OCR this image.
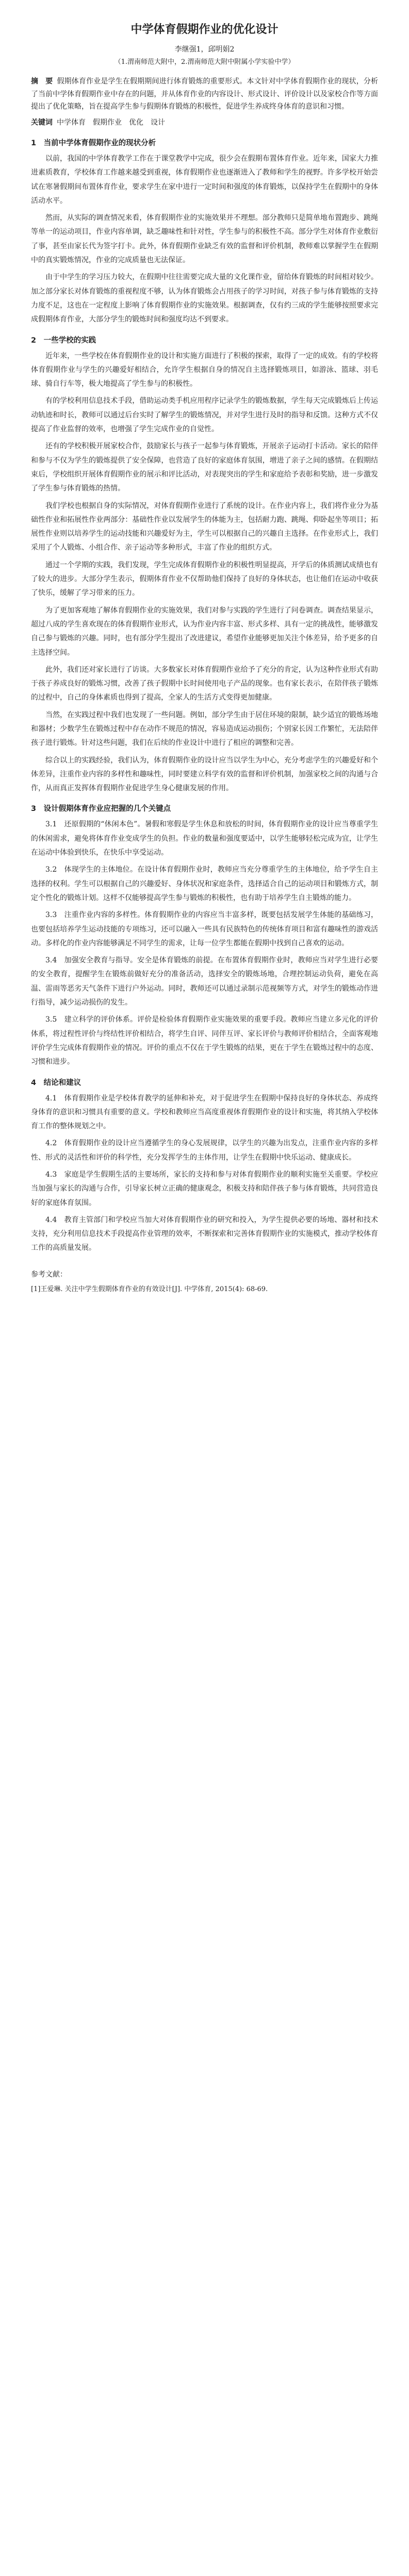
中学体育假期作业的优化设计

李继强1，邱明娟2

（1.渭南师范大附中，2.渭南师范大附中附属小学实验中学）

摘　要 假期体育作业是学生在假期期间进行体育锻炼的重要形式。本文针对中学体育假期作业的现状，分析了当前中学体育假期作业中存在的问题，并从体育作业的内容设计、形式设计、评价设计以及家校合作等方面提出了优化策略，旨在提高学生参与假期体育锻炼的积极性，促进学生养成终身体育的意识和习惯。

关键词 中学体育　假期作业　优化　设计

1　当前中学体育假期作业的现状分析

以前，我国的中学体育教学工作在于课堂教学中完成，很少会在假期布置体育作业。近年来，国家大力推进素质教育，学校体育工作越来越受到重视，体育假期作业也逐渐进入了教师和学生的视野。许多学校开始尝试在寒暑假期间布置体育作业，要求学生在家中进行一定时间和强度的体育锻炼，以保持学生在假期中的身体活动水平。

然而，从实际的调查情况来看，体育假期作业的实施效果并不理想。部分教师只是简单地布置跑步、跳绳等单一的运动项目，作业内容单调，缺乏趣味性和针对性，学生参与的积极性不高。部分学生对体育作业敷衍了事，甚至由家长代为签字打卡。此外，体育假期作业缺乏有效的监督和评价机制，教师难以掌握学生在假期中的真实锻炼情况，作业的完成质量也无法保证。

由于中学生的学习压力较大，在假期中往往需要完成大量的文化课作业，留给体育锻炼的时间相对较少。加之部分家长对体育锻炼的重视程度不够，认为体育锻炼会占用孩子的学习时间，对孩子参与体育锻炼的支持力度不足，这也在一定程度上影响了体育假期作业的实施效果。根据调查，仅有约三成的学生能够按照要求完成假期体育作业，大部分学生的锻炼时间和强度均达不到要求。

2　一些学校的实践

近年来，一些学校在体育假期作业的设计和实施方面进行了积极的探索，取得了一定的成效。有的学校将体育假期作业与学生的兴趣爱好相结合，允许学生根据自身的情况自主选择锻炼项目，如游泳、篮球、羽毛球、骑自行车等，极大地提高了学生参与的积极性。

有的学校利用信息技术手段，借助运动类手机应用程序记录学生的锻炼数据，学生每天完成锻炼后上传运动轨迹和时长，教师可以通过后台实时了解学生的锻炼情况，并对学生进行及时的指导和反馈。这种方式不仅提高了作业监督的效率，也增强了学生完成作业的自觉性。

还有的学校积极开展家校合作，鼓励家长与孩子一起参与体育锻炼，开展亲子运动打卡活动。家长的陪伴和参与不仅为学生的锻炼提供了安全保障，也营造了良好的家庭体育氛围，增进了亲子之间的感情。在假期结束后，学校组织开展体育假期作业的展示和评比活动，对表现突出的学生和家庭给予表彰和奖励，进一步激发了学生参与体育锻炼的热情。

我们学校也根据自身的实际情况，对体育假期作业进行了系统的设计。在作业内容上，我们将作业分为基础性作业和拓展性作业两部分：基础性作业以发展学生的体能为主，包括耐力跑、跳绳、仰卧起坐等项目；拓展性作业则以培养学生的运动技能和兴趣爱好为主，学生可以根据自己的兴趣自主选择。在作业形式上，我们采用了个人锻炼、小组合作、亲子运动等多种形式，丰富了作业的组织方式。

通过一个学期的实践，我们发现，学生完成体育假期作业的积极性明显提高，开学后的体质测试成绩也有了较大的进步。大部分学生表示，假期体育作业不仅帮助他们保持了良好的身体状态，也让他们在运动中收获了快乐，缓解了学习带来的压力。

为了更加客观地了解体育假期作业的实施效果，我们对参与实践的学生进行了问卷调查。调查结果显示，超过八成的学生喜欢现在的体育假期作业形式，认为作业内容丰富、形式多样、具有一定的挑战性，能够激发自己参与锻炼的兴趣。同时，也有部分学生提出了改进建议，希望作业能够更加关注个体差异，给予更多的自主选择空间。

此外，我们还对家长进行了访谈。大多数家长对体育假期作业给予了充分的肯定，认为这种作业形式有助于孩子养成良好的锻炼习惯，改善了孩子假期中长时间使用电子产品的现象。也有家长表示，在陪伴孩子锻炼的过程中，自己的身体素质也得到了提高，全家人的生活方式变得更加健康。

当然，在实践过程中我们也发现了一些问题。例如，部分学生由于居住环境的限制，缺少适宜的锻炼场地和器材；少数学生在锻炼过程中存在动作不规范的情况，容易造成运动损伤；个别家长因工作繁忙，无法陪伴孩子进行锻炼。针对这些问题，我们在后续的作业设计中进行了相应的调整和完善。

综合以上的实践经验，我们认为，体育假期作业的设计应当以学生为中心，充分考虑学生的兴趣爱好和个体差异，注重作业内容的多样性和趣味性，同时要建立科学有效的监督和评价机制，加强家校之间的沟通与合作，从而真正发挥体育假期作业促进学生身心健康发展的作用。

3　设计假期体育作业应把握的几个关键点

3.1　还原假期的“休闲本色”。暑假和寒假是学生休息和放松的时间，体育假期作业的设计应当尊重学生的休闲需求，避免将体育作业变成学生的负担。作业的数量和强度要适中，以学生能够轻松完成为宜，让学生在运动中体验到快乐，在快乐中享受运动。

3.2　体现学生的主体地位。在设计体育假期作业时，教师应当充分尊重学生的主体地位，给予学生自主选择的权利。学生可以根据自己的兴趣爱好、身体状况和家庭条件，选择适合自己的运动项目和锻炼方式，制定个性化的锻炼计划。这样不仅能够提高学生参与锻炼的积极性，也有助于培养学生自主锻炼的能力。

3.3　注重作业内容的多样性。体育假期作业的内容应当丰富多样，既要包括发展学生体能的基础练习，也要包括培养学生运动技能的专项练习，还可以融入一些具有民族特色的传统体育项目和富有趣味性的游戏活动。多样化的作业内容能够满足不同学生的需求，让每一位学生都能在假期中找到自己喜欢的运动。

3.4　加强安全教育与指导。安全是体育锻炼的前提。在布置体育假期作业时，教师应当对学生进行必要的安全教育，提醒学生在锻炼前做好充分的准备活动，选择安全的锻炼场地，合理控制运动负荷，避免在高温、雷雨等恶劣天气条件下进行户外运动。同时，教师还可以通过录制示范视频等方式，对学生的锻炼动作进行指导，减少运动损伤的发生。

3.5　建立科学的评价体系。评价是检验体育假期作业实施效果的重要手段。教师应当建立多元化的评价体系，将过程性评价与终结性评价相结合，将学生自评、同伴互评、家长评价与教师评价相结合，全面客观地评价学生完成体育假期作业的情况。评价的重点不仅在于学生锻炼的结果，更在于学生在锻炼过程中的态度、习惯和进步。

4　结论和建议

4.1　体育假期作业是学校体育教学的延伸和补充，对于促进学生在假期中保持良好的身体状态、养成终身体育的意识和习惯具有重要的意义。学校和教师应当高度重视体育假期作业的设计和实施，将其纳入学校体育工作的整体规划之中。

4.2　体育假期作业的设计应当遵循学生的身心发展规律，以学生的兴趣为出发点，注重作业内容的多样性、形式的灵活性和评价的科学性，充分发挥学生的主体作用，让学生在假期中快乐运动、健康成长。

4.3　家庭是学生假期生活的主要场所，家长的支持和参与对体育假期作业的顺利实施至关重要。学校应当加强与家长的沟通与合作，引导家长树立正确的健康观念，积极支持和陪伴孩子参与体育锻炼，共同营造良好的家庭体育氛围。

4.4　教育主管部门和学校应当加大对体育假期作业的研究和投入，为学生提供必要的场地、器材和技术支持，充分利用信息技术手段提高作业管理的效率，不断探索和完善体育假期作业的实施模式，推动学校体育工作的高质量发展。

参考文献：

[1]王爱琳. 关注中学生假期体育作业的有效设计[J]. 中学体育, 2015(4): 68-69.
